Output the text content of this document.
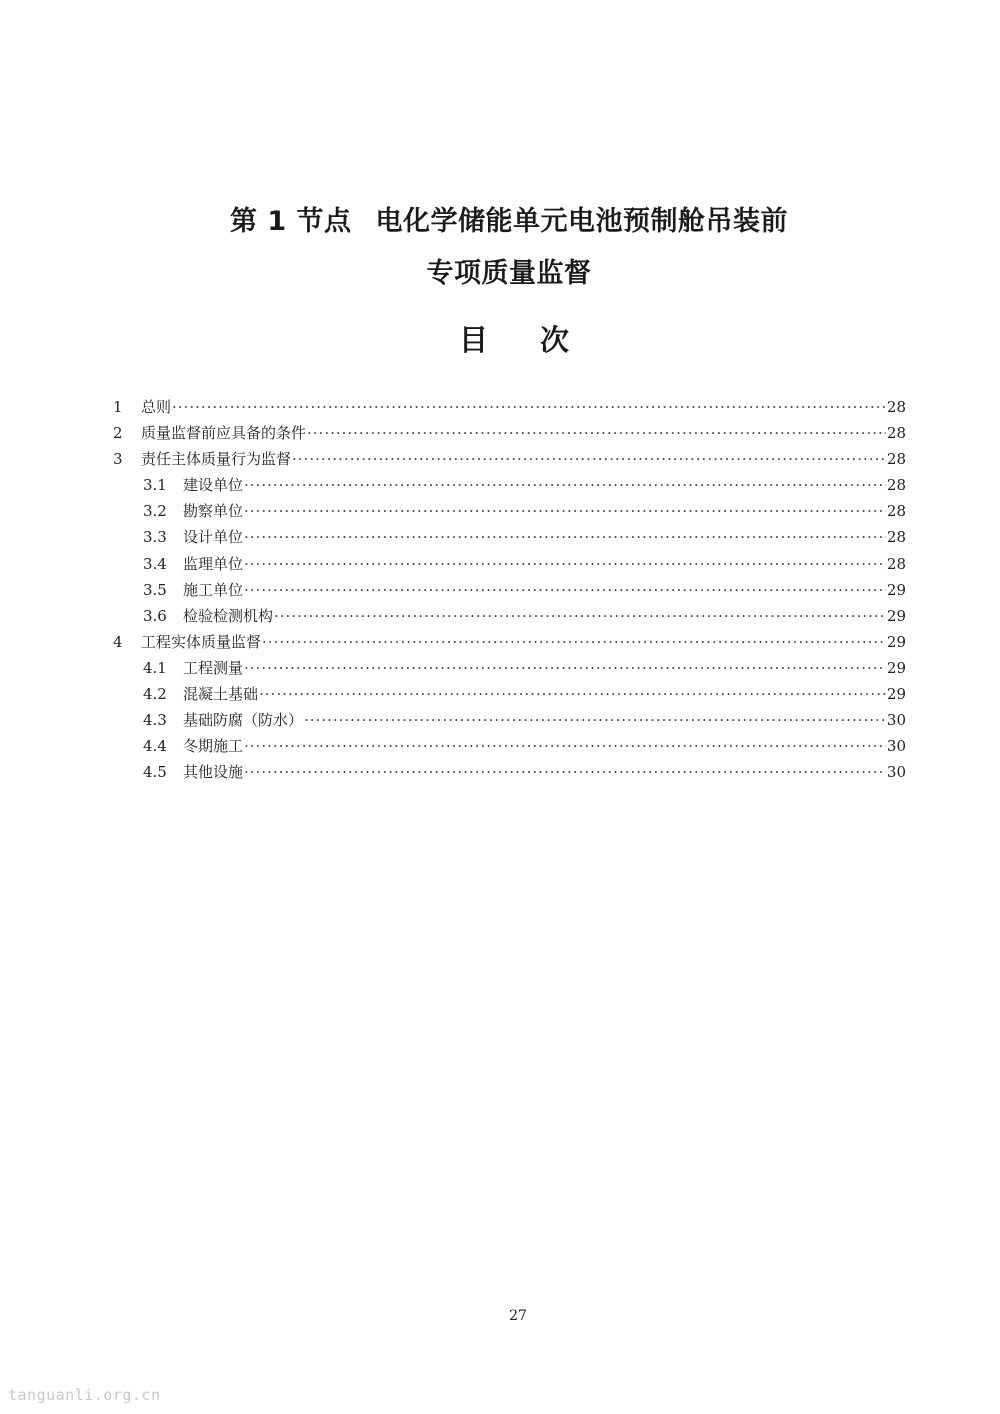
第 1 节点 电化学储能单元电池预制舱吊装前
专项质量监督
目 次
1	总则 ·····	28
2	质量监督前应具备的条件 ·····	28
3	责任主体质量行为监督 ·····	28
3.1	建设单位 ·····	28
3.2	勘察单位 ·····	28
3.3	设计单位 ·····	28
3.4	监理单位 ·····	28
3.5	施工单位 ·····	29
3.6	检验检测机构 ·····	29
4	工程实体质量监督 ·····	29
4.1	工程测量 ·····	29
4.2	混凝土基础 ·····	29
4.3	基础防腐（防水） ·····	30
4.4	冬期施工 ·····	30
4.5	其他设施 ·····	30
27
tanguanli.org.cn
